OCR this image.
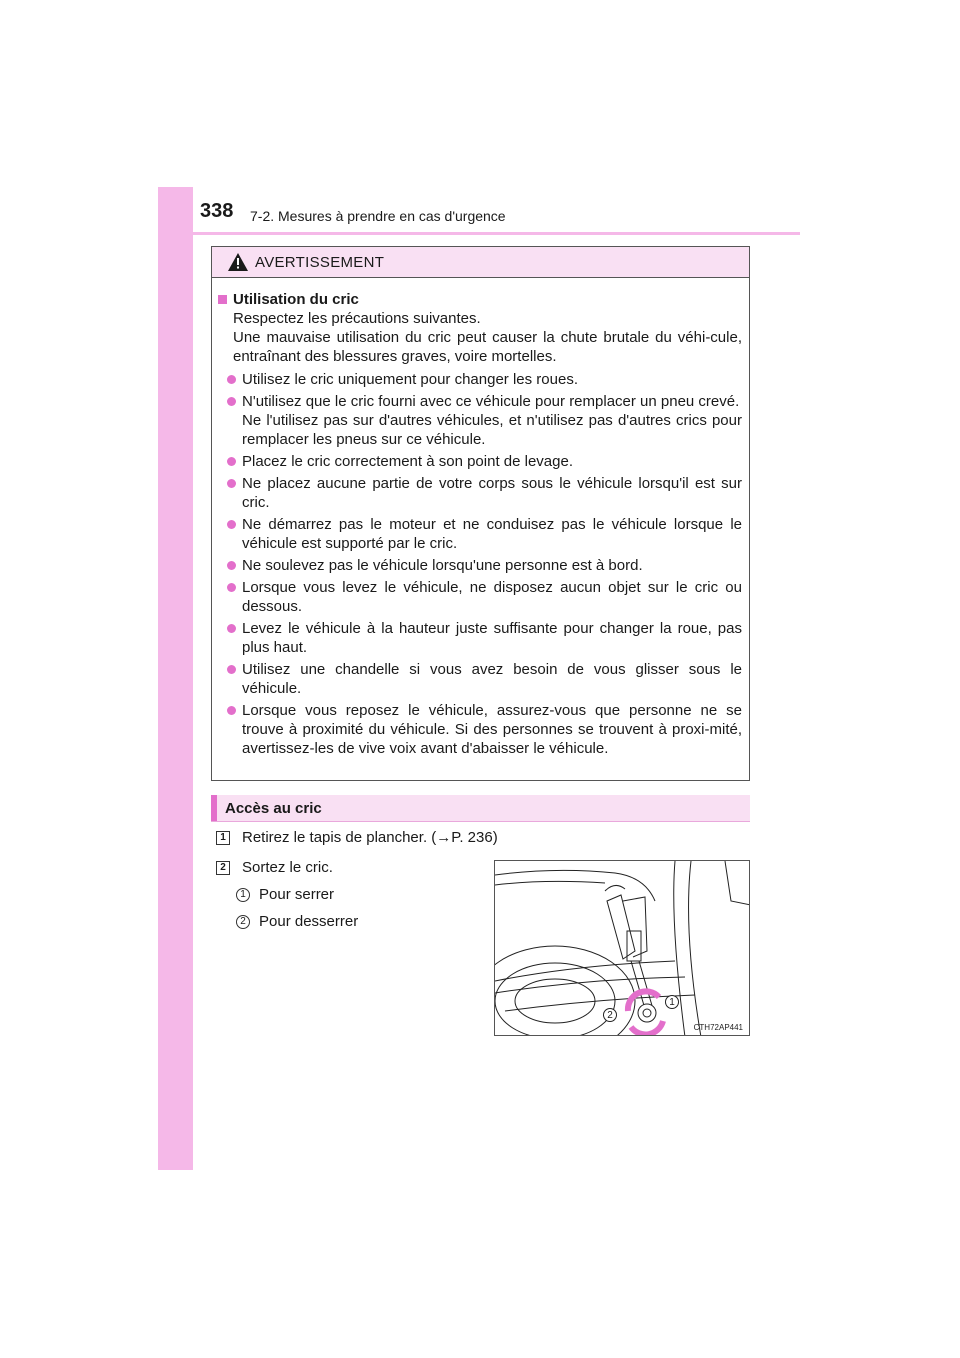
338 7-2. Mesures à prendre en cas d'urgence
AVERTISSEMENT
Utilisation du cric
Respectez les précautions suivantes.
Une mauvaise utilisation du cric peut causer la chute brutale du véhi-cule, entraînant des blessures graves, voire mortelles.
Utilisez le cric uniquement pour changer les roues.
N'utilisez que le cric fourni avec ce véhicule pour remplacer un pneu crevé.
Ne l'utilisez pas sur d'autres véhicules, et n'utilisez pas d'autres crics pour remplacer les pneus sur ce véhicule.
Placez le cric correctement à son point de levage.
Ne placez aucune partie de votre corps sous le véhicule lorsqu'il est sur cric.
Ne démarrez pas le moteur et ne conduisez pas le véhicule lorsque le véhicule est supporté par le cric.
Ne soulevez pas le véhicule lorsqu'une personne est à bord.
Lorsque vous levez le véhicule, ne disposez aucun objet sur le cric ou dessous.
Levez le véhicule à la hauteur juste suffisante pour changer la roue, pas plus haut.
Utilisez une chandelle si vous avez besoin de vous glisser sous le véhicule.
Lorsque vous reposez le véhicule, assurez-vous que personne ne se trouve à proximité du véhicule. Si des personnes se trouvent à proxi-mité, avertissez-les de vive voix avant d'abaisser le véhicule.
Accès au cric
1 Retirez le tapis de plancher. (→P. 236)
2 Sortez le cric.
1 Pour serrer
2 Pour desserrer
1
2
CTH72AP441
